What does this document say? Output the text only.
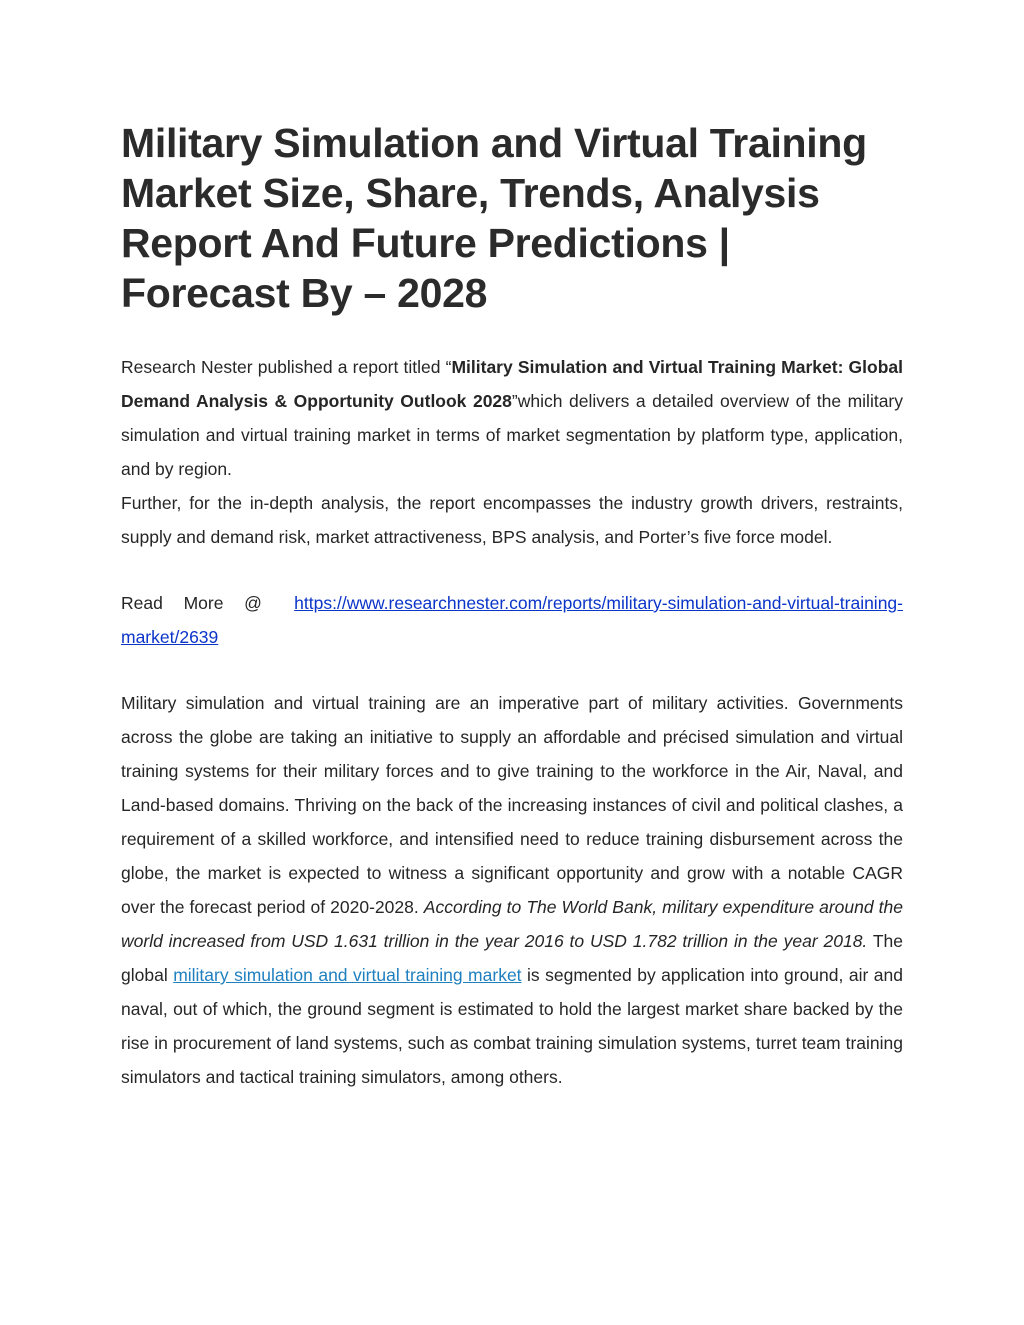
Military Simulation and Virtual Training Market Size, Share, Trends, Analysis Report And Future Predictions | Forecast By – 2028

Research Nester published a report titled “Military Simulation and Virtual Training Market: Global Demand Analysis & Opportunity Outlook 2028”which delivers a detailed overview of the military simulation and virtual training market in terms of market segmentation by platform type, application, and by region.

Further, for the in-depth analysis, the report encompasses the industry growth drivers, restraints, supply and demand risk, market attractiveness, BPS analysis, and Porter’s five force model.

Read More @ https://www.researchnester.com/reports/military-simulation-and-virtual-training-market/2639

Military simulation and virtual training are an imperative part of military activities. Governments across the globe are taking an initiative to supply an affordable and précised simulation and virtual training systems for their military forces and to give training to the workforce in the Air, Naval, and Land-based domains. Thriving on the back of the increasing instances of civil and political clashes, a requirement of a skilled workforce, and intensified need to reduce training disbursement across the globe, the market is expected to witness a significant opportunity and grow with a notable CAGR over the forecast period of 2020-2028. According to The World Bank, military expenditure around the world increased from USD 1.631 trillion in the year 2016 to USD 1.782 trillion in the year 2018. The global military simulation and virtual training market is segmented by application into ground, air and naval, out of which, the ground segment is estimated to hold the largest market share backed by the rise in procurement of land systems, such as combat training simulation systems, turret team training simulators and tactical training simulators, among others.
